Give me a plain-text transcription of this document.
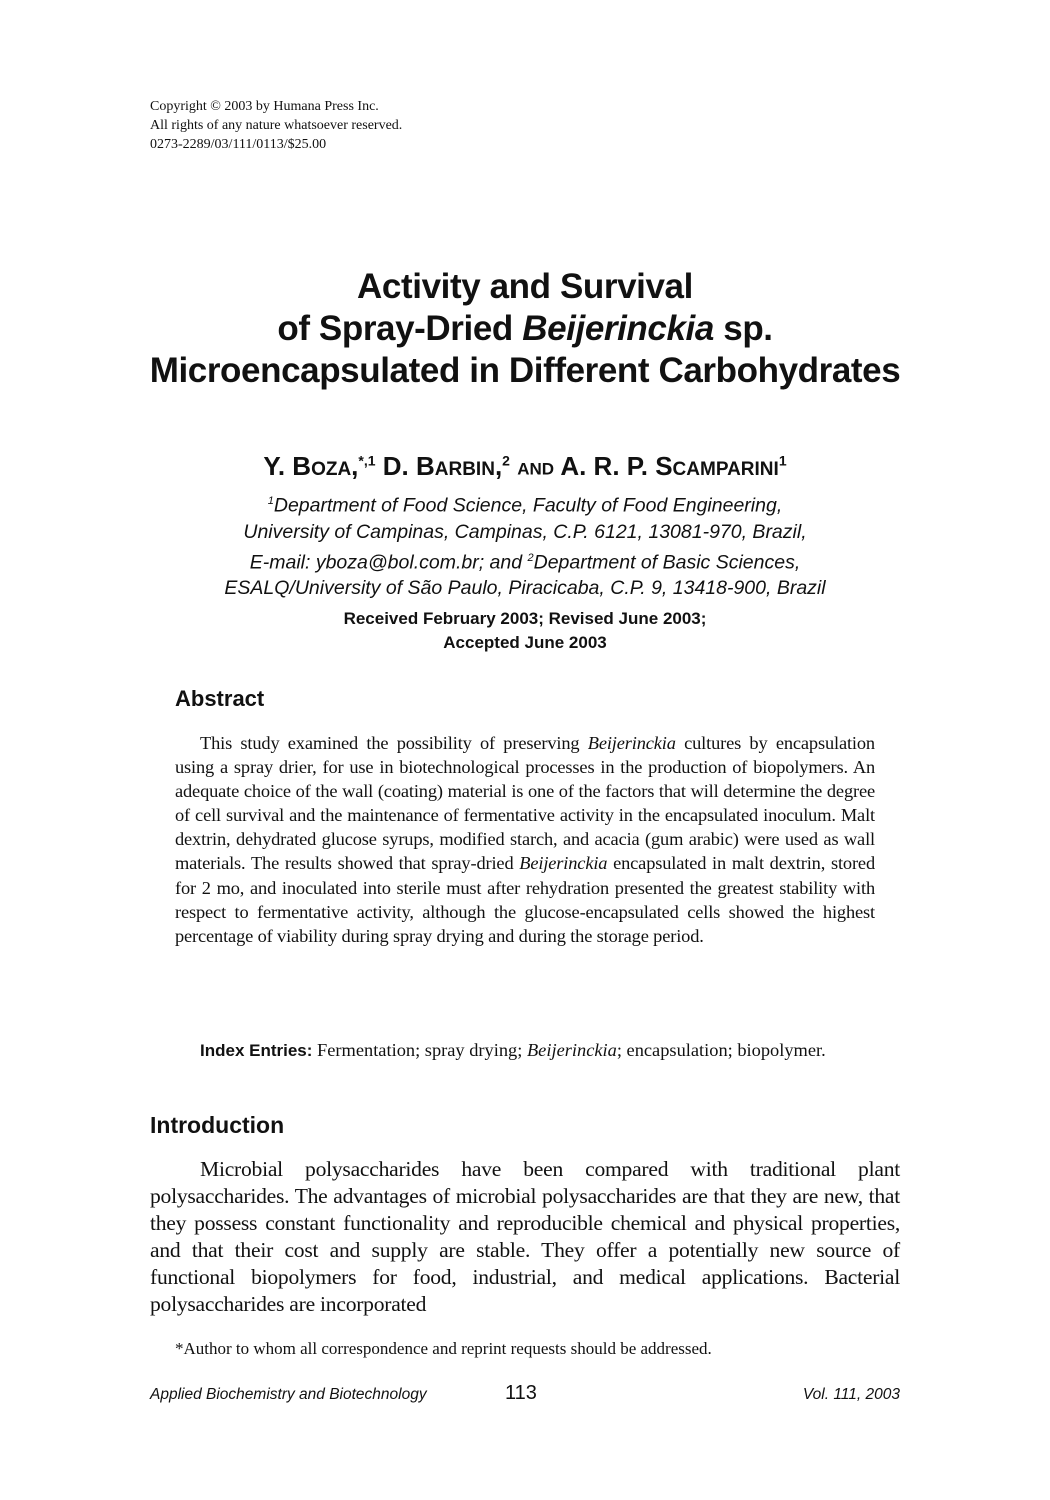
Copyright © 2003 by Humana Press Inc.
All rights of any nature whatsoever reserved.
0273-2289/03/111/0113/$25.00
Activity and Survival
of Spray-Dried Beijerinckia sp.
Microencapsulated in Different Carbohydrates
Y. BOZA,$^{*,1}$ D. BARBIN,$^2$ AND A. R. P. SCAMPARINI$^1$
$^1$Department of Food Science, Faculty of Food Engineering,
University of Campinas, Campinas, C.P. 6121, 13081-970, Brazil,
E-mail: yboza@bol.com.br; and $^2$Department of Basic Sciences,
ESALQ/University of São Paulo, Piracicaba, C.P. 9, 13418-900, Brazil
Received February 2003; Revised June 2003;
Accepted June 2003
Abstract

This study examined the possibility of preserving Beijerinckia cultures by encapsulation using a spray drier, for use in biotechnological processes in the production of biopolymers. An adequate choice of the wall (coating) material is one of the factors that will determine the degree of cell survival and the maintenance of fermentative activity in the encapsulated inoculum. Malt dextrin, dehydrated glucose syrups, modified starch, and acacia (gum arabic) were used as wall materials. The results showed that spray-dried Beijerinckia encapsulated in malt dextrin, stored for 2 mo, and inoculated into sterile must after rehydration presented the greatest stability with respect to fermentative activity, although the glucose-encapsulated cells showed the highest percentage of viability during spray drying and during the storage period.

Index Entries: Fermentation; spray drying; Beijerinckia; encapsulation; biopolymer.

Introduction

Microbial polysaccharides have been compared with traditional plant polysaccharides. The advantages of microbial polysaccharides are that they are new, that they possess constant functionality and reproducible chemical and physical properties, and that their cost and supply are stable. They offer a potentially new source of functional biopolymers for food, industrial, and medical applications. Bacterial polysaccharides are incorporated

*Author to whom all correspondence and reprint requests should be addressed.
Applied Biochemistry and Biotechnology	113	Vol. 111, 2003
